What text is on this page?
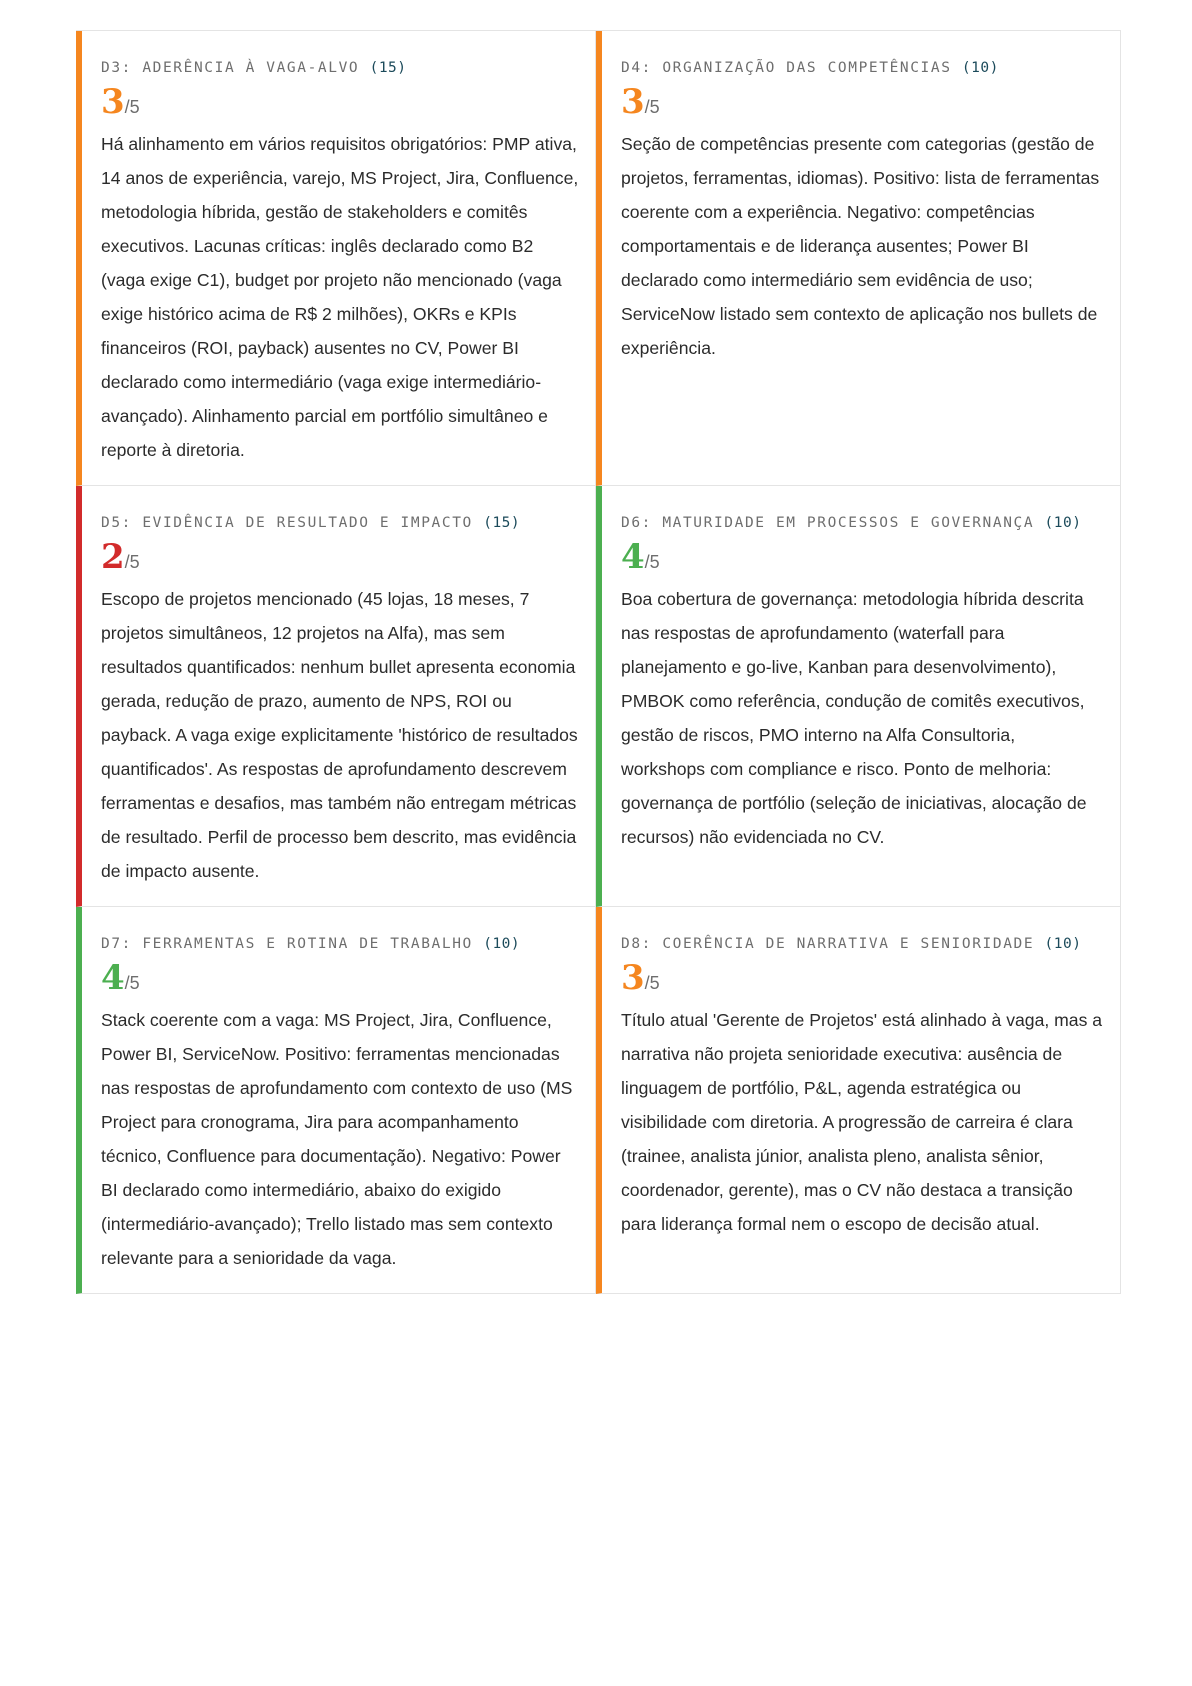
D3: ADERÊNCIA À VAGA-ALVO (15)
3/5
Há alinhamento em vários requisitos obrigatórios: PMP ativa, 14 anos de experiência, varejo, MS Project, Jira, Confluence, metodologia híbrida, gestão de stakeholders e comitês executivos. Lacunas críticas: inglês declarado como B2 (vaga exige C1), budget por projeto não mencionado (vaga exige histórico acima de R$ 2 milhões), OKRs e KPIs financeiros (ROI, payback) ausentes no CV, Power BI declarado como intermediário (vaga exige intermediário-avançado). Alinhamento parcial em portfólio simultâneo e reporte à diretoria.
D4: ORGANIZAÇÃO DAS COMPETÊNCIAS (10)
3/5
Seção de competências presente com categorias (gestão de projetos, ferramentas, idiomas). Positivo: lista de ferramentas coerente com a experiência. Negativo: competências comportamentais e de liderança ausentes; Power BI declarado como intermediário sem evidência de uso; ServiceNow listado sem contexto de aplicação nos bullets de experiência.
D5: EVIDÊNCIA DE RESULTADO E IMPACTO (15)
2/5
Escopo de projetos mencionado (45 lojas, 18 meses, 7 projetos simultâneos, 12 projetos na Alfa), mas sem resultados quantificados: nenhum bullet apresenta economia gerada, redução de prazo, aumento de NPS, ROI ou payback. A vaga exige explicitamente 'histórico de resultados quantificados'. As respostas de aprofundamento descrevem ferramentas e desafios, mas também não entregam métricas de resultado. Perfil de processo bem descrito, mas evidência de impacto ausente.
D6: MATURIDADE EM PROCESSOS E GOVERNANÇA (10)
4/5
Boa cobertura de governança: metodologia híbrida descrita nas respostas de aprofundamento (waterfall para planejamento e go-live, Kanban para desenvolvimento), PMBOK como referência, condução de comitês executivos, gestão de riscos, PMO interno na Alfa Consultoria, workshops com compliance e risco. Ponto de melhoria: governança de portfólio (seleção de iniciativas, alocação de recursos) não evidenciada no CV.
D7: FERRAMENTAS E ROTINA DE TRABALHO (10)
4/5
Stack coerente com a vaga: MS Project, Jira, Confluence, Power BI, ServiceNow. Positivo: ferramentas mencionadas nas respostas de aprofundamento com contexto de uso (MS Project para cronograma, Jira para acompanhamento técnico, Confluence para documentação). Negativo: Power BI declarado como intermediário, abaixo do exigido (intermediário-avançado); Trello listado mas sem contexto relevante para a senioridade da vaga.
D8: COERÊNCIA DE NARRATIVA E SENIORIDADE (10)
3/5
Título atual 'Gerente de Projetos' está alinhado à vaga, mas a narrativa não projeta senioridade executiva: ausência de linguagem de portfólio, P&L, agenda estratégica ou visibilidade com diretoria. A progressão de carreira é clara (trainee, analista júnior, analista pleno, analista sênior, coordenador, gerente), mas o CV não destaca a transição para liderança formal nem o escopo de decisão atual.
